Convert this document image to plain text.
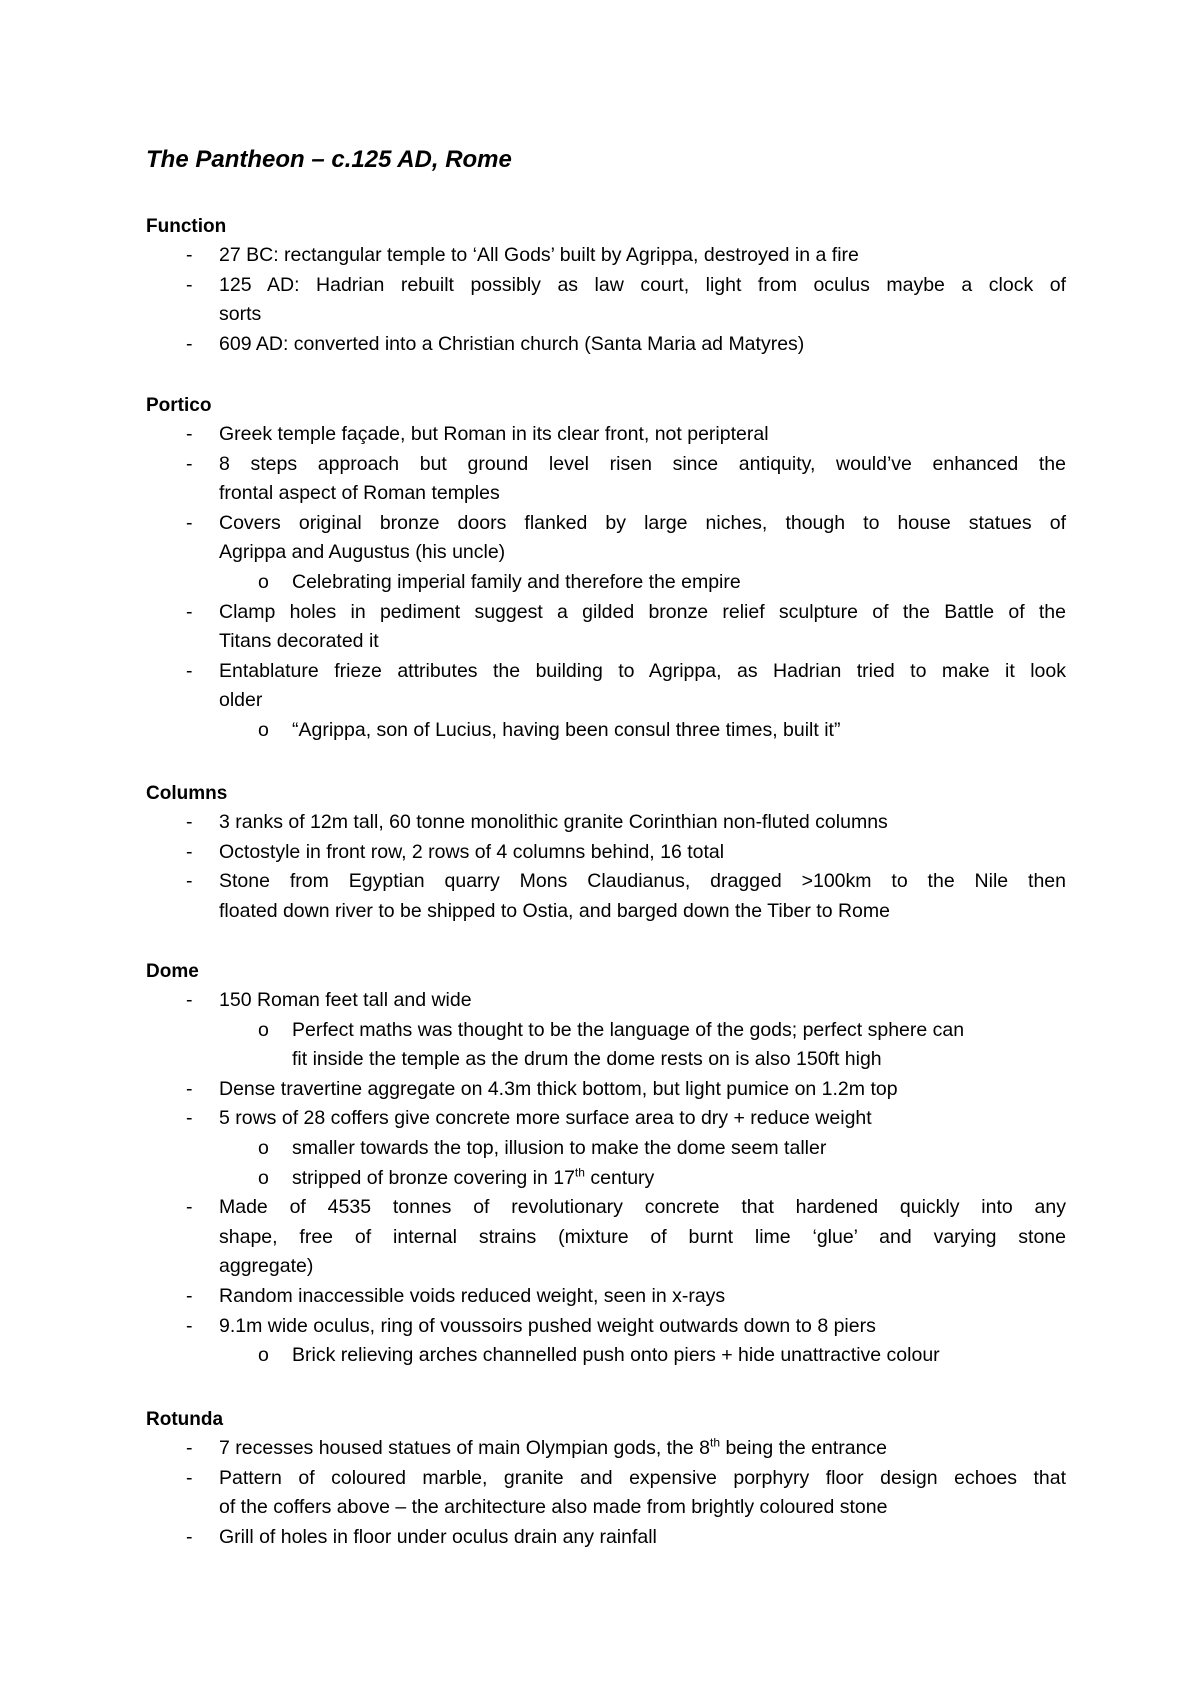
The Pantheon – c.125 AD, Rome
Function
- 27 BC: rectangular temple to ‘All Gods’ built by Agrippa, destroyed in a fire
- 125 AD: Hadrian rebuilt possibly as law court, light from oculus maybe a clock of
sorts
- 609 AD: converted into a Christian church (Santa Maria ad Matyres)
Portico
- Greek temple façade, but Roman in its clear front, not peripteral
- 8 steps approach but ground level risen since antiquity, would’ve enhanced the
frontal aspect of Roman temples
- Covers original bronze doors flanked by large niches, though to house statues of
Agrippa and Augustus (his uncle)
o Celebrating imperial family and therefore the empire
- Clamp holes in pediment suggest a gilded bronze relief sculpture of the Battle of the
Titans decorated it
- Entablature frieze attributes the building to Agrippa, as Hadrian tried to make it look
older
o “Agrippa, son of Lucius, having been consul three times, built it”
Columns
- 3 ranks of 12m tall, 60 tonne monolithic granite Corinthian non-fluted columns
- Octostyle in front row, 2 rows of 4 columns behind, 16 total
- Stone from Egyptian quarry Mons Claudianus, dragged >100km to the Nile then
floated down river to be shipped to Ostia, and barged down the Tiber to Rome
Dome
- 150 Roman feet tall and wide
o Perfect maths was thought to be the language of the gods; perfect sphere can
fit inside the temple as the drum the dome rests on is also 150ft high
- Dense travertine aggregate on 4.3m thick bottom, but light pumice on 1.2m top
- 5 rows of 28 coffers give concrete more surface area to dry + reduce weight
o smaller towards the top, illusion to make the dome seem taller
o stripped of bronze covering in 17th century
- Made of 4535 tonnes of revolutionary concrete that hardened quickly into any
shape, free of internal strains (mixture of burnt lime ‘glue’ and varying stone
aggregate)
- Random inaccessible voids reduced weight, seen in x-rays
- 9.1m wide oculus, ring of voussoirs pushed weight outwards down to 8 piers
o Brick relieving arches channelled push onto piers + hide unattractive colour
Rotunda
- 7 recesses housed statues of main Olympian gods, the 8th being the entrance
- Pattern of coloured marble, granite and expensive porphyry floor design echoes that
of the coffers above – the architecture also made from brightly coloured stone
- Grill of holes in floor under oculus drain any rainfall
